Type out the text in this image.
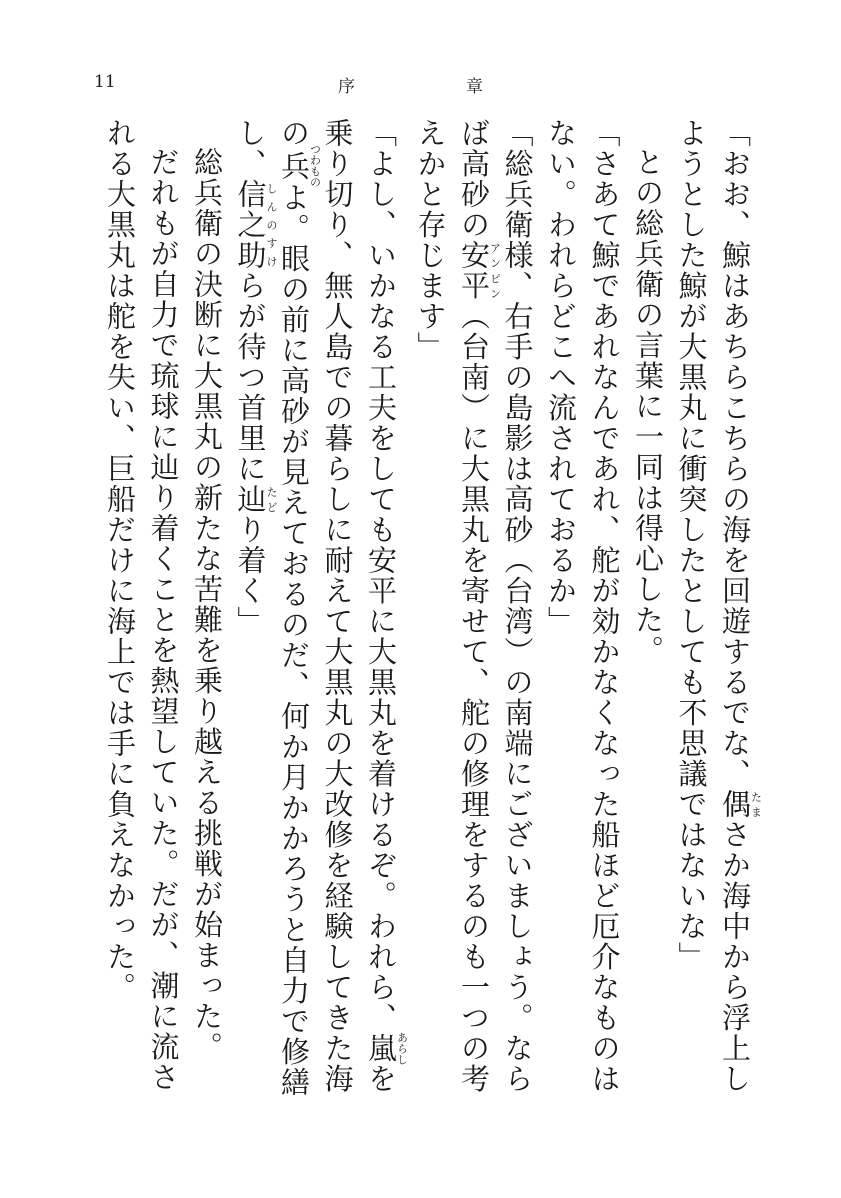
11	序	章

「おお、鯨はあちらこちらの海を回遊するでな、偶たまさか海中から浮上しようとした鯨が大黒丸に衝突したとしても不思議ではないな」

との総兵衛の言葉に一同は得心した。

「さあて鯨であれなんであれ、舵が効かなくなった船ほど厄介なものはない。われらどこへ流されておるか」

「総兵衛様、右手の島影は高砂（台湾）の南端にございましょう。ならば高砂の安平アンピン（台南）に大黒丸を寄せて、舵の修理をするのも一つの考えかと存じます」

「よし、いかなる工夫をしても安平に大黒丸を着けるぞ。われら、嵐あらしを乗り切り、無人島での暮らしに耐えて大黒丸の大改修を経験してきた海の兵つわものよ。眼の前に高砂が見えておるのだ、何か月かかろうと自力で修繕し、信之助しんのすけらが待つ首里に辿たどり着く」

総兵衛の決断に大黒丸の新たな苦難を乗り越える挑戦が始まった。

だれもが自力で琉球に辿り着くことを熱望していた。だが、潮に流される大黒丸は舵を失い、巨船だけに海上では手に負えなかった。
